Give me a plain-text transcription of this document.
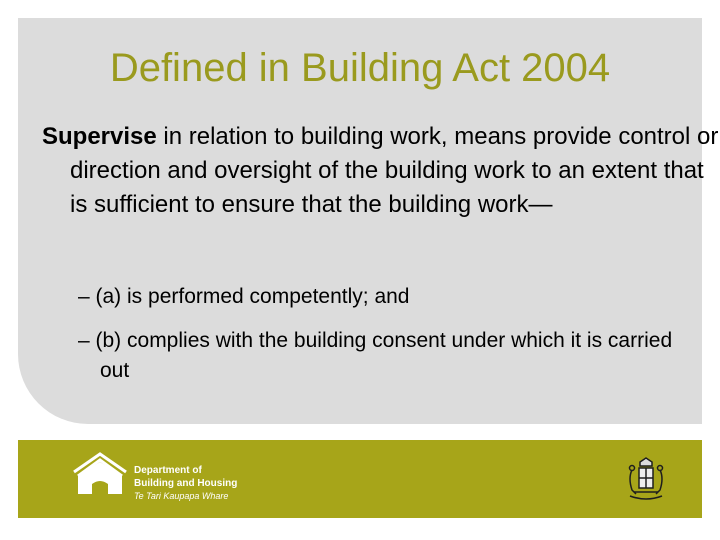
Defined in Building Act 2004
Supervise in relation to building work, means provide control or direction and oversight of the building work to an extent that is sufficient to ensure that the building work—
– (a) is performed competently; and
– (b) complies with the building consent under which it is carried out
Department of
Building and Housing
Te Tari Kaupapa Whare
